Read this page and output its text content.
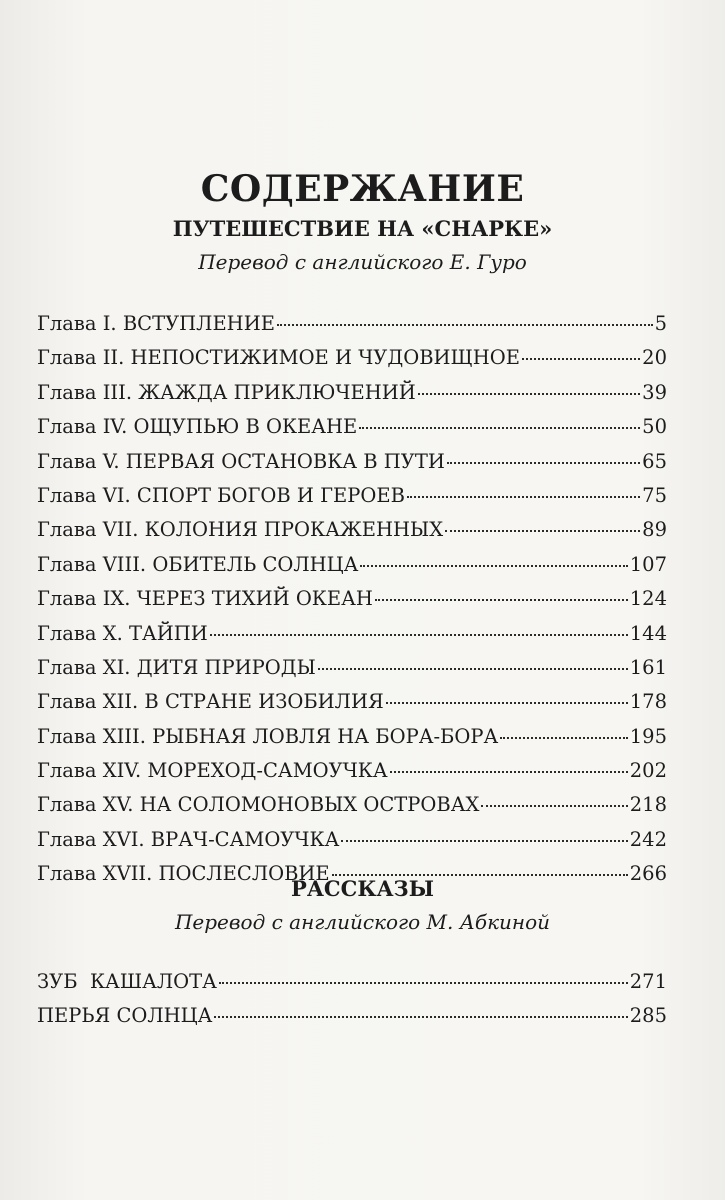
СОДЕРЖАНИЕ
ПУТЕШЕСТВИЕ НА «СНАРКЕ»
Перевод с английского Е. Гуро
Глава I. ВСТУПЛЕНИЕ	5
Глава II. НЕПОСТИЖИМОЕ И ЧУДОВИЩНОЕ	20
Глава III. ЖАЖДА ПРИКЛЮЧЕНИЙ	39
Глава IV. ОЩУПЬЮ В ОКЕАНЕ	50
Глава V. ПЕРВАЯ ОСТАНОВКА В ПУТИ	65
Глава VI. СПОРТ БОГОВ И ГЕРОЕВ	75
Глава VII. КОЛОНИЯ ПРОКАЖЕННЫХ	89
Глава VIII. ОБИТЕЛЬ СОЛНЦА	107
Глава IX. ЧЕРЕЗ ТИХИЙ ОКЕАН	124
Глава X. ТАЙПИ	144
Глава XI. ДИТЯ ПРИРОДЫ	161
Глава XII. В СТРАНЕ ИЗОБИЛИЯ	178
Глава XIII. РЫБНАЯ ЛОВЛЯ НА БОРА-БОРА	195
Глава XIV. МОРЕХОД-САМОУЧКА	202
Глава XV. НА СОЛОМОНОВЫХ ОСТРОВАХ	218
Глава XVI. ВРАЧ-САМОУЧКА	242
Глава XVII. ПОСЛЕСЛОВИЕ	266
РАССКАЗЫ
Перевод с английского М. Абкиной
ЗУБ  КАШАЛОТА	271
ПЕРЬЯ СОЛНЦА	285
